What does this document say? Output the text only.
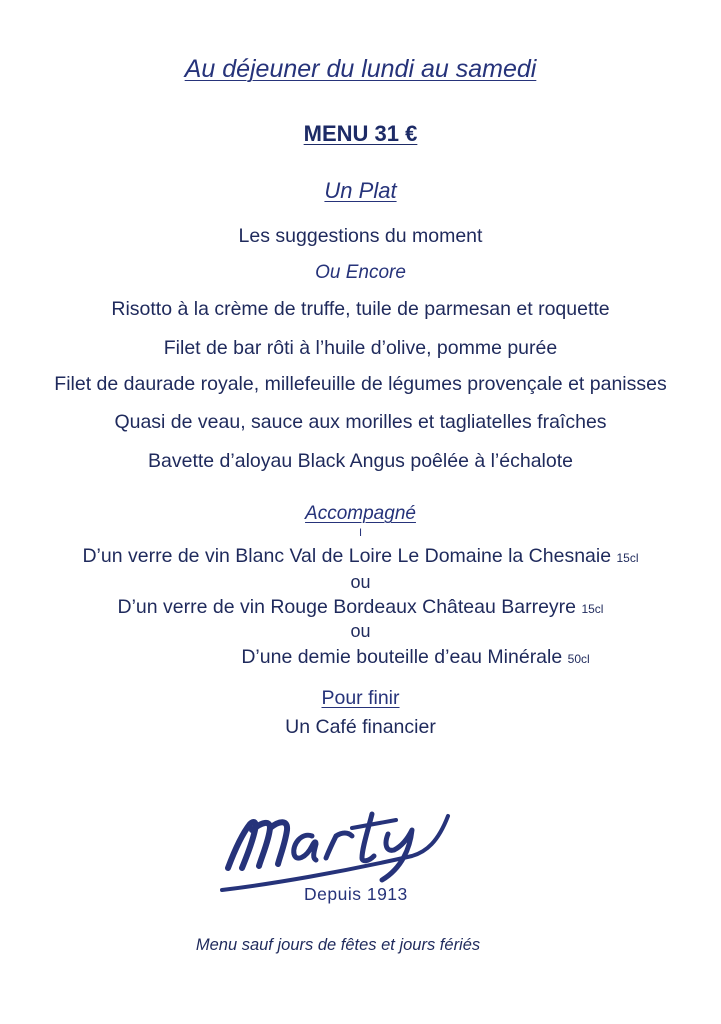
Au déjeuner du lundi au samedi
MENU 31 €
Un Plat
Les suggestions du moment
Ou Encore
Risotto à la crème de truffe, tuile de parmesan et roquette
Filet de bar rôti à l’huile d’olive, pomme purée
Filet de daurade royale, millefeuille de légumes provençale et panisses
Quasi de veau, sauce aux morilles et tagliatelles fraîches
Bavette d’aloyau Black Angus poêlée à l’échalote
Accompagné
I
D’un verre de vin Blanc Val de Loire Le Domaine la Chesnaie 15cl
ou
D’un verre de vin Rouge Bordeaux Château Barreyre 15cl
ou
D’une demie bouteille d’eau Minérale 50cl
Pour finir
Un Café financier
Depuis 1913
Menu sauf jours de fêtes et jours fériés
